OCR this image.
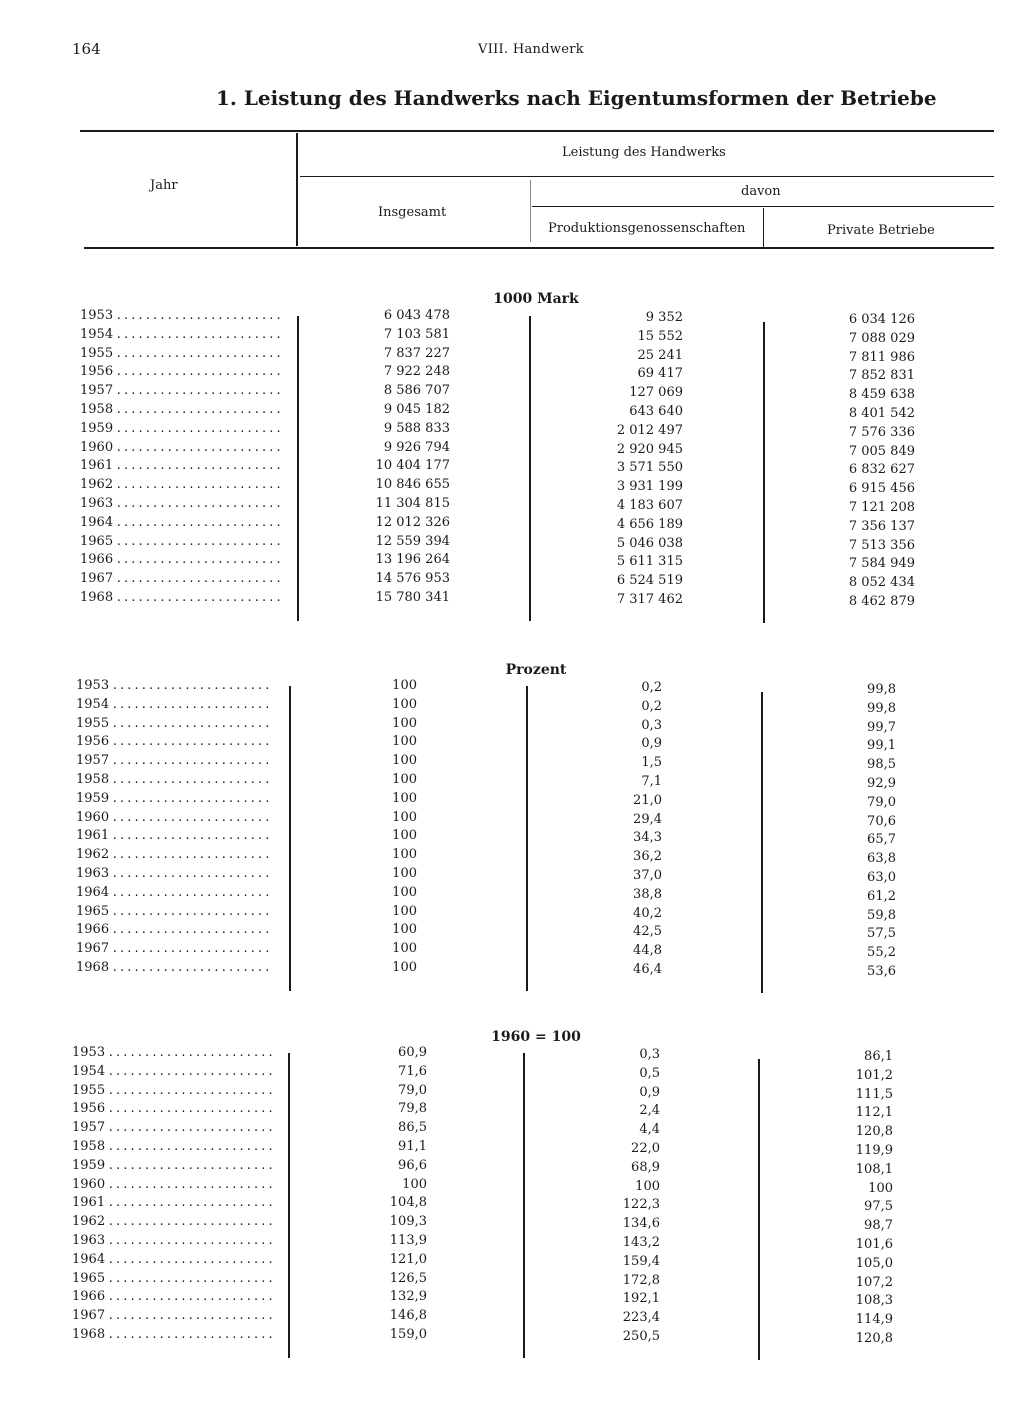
164	VIII. Handwerk
1. Leistung des Handwerks nach Eigentumsformen der Betriebe
Jahr
Leistung des Handwerks
davon
Insgesamt
Produktionsgenossenschaften	Private Betriebe
1000 Mark
1953 . . .	6 043 478	9 352	6 034 126
1954 . . .	7 103 581	15 552	7 088 029
1955 . . .	7 837 227	25 241	7 811 986
1956 . . .	7 922 248	69 417	7 852 831
1957 . . .	8 586 707	127 069	8 459 638
1958 . . .	9 045 182	643 640	8 401 542
1959 . . .	9 588 833	2 012 497	7 576 336
1960 . . .	9 926 794	2 920 945	7 005 849
1961 . . .	10 404 177	3 571 550	6 832 627
1962 . . .	10 846 655	3 931 199	6 915 456
1963 . . .	11 304 815	4 183 607	7 121 208
1964 . . .	12 012 326	4 656 189	7 356 137
1965 . . .	12 559 394	5 046 038	7 513 356
1966 . . .	13 196 264	5 611 315	7 584 949
1967 . . .	14 576 953	6 524 519	8 052 434
1968 . . .	15 780 341	7 317 462	8 462 879
Prozent
1953 . . .	100	0,2	99,8
1954 . . .	100	0,2	99,8
1955 . . .	100	0,3	99,7
1956 . . .	100	0,9	99,1
1957 . . .	100	1,5	98,5
1958 . . .	100	7,1	92,9
1959 . . .	100	21,0	79,0
1960 . . .	100	29,4	70,6
1961 . . .	100	34,3	65,7
1962 . . .	100	36,2	63,8
1963 . . .	100	37,0	63,0
1964 . . .	100	38,8	61,2
1965 . . .	100	40,2	59,8
1966 . . .	100	42,5	57,5
1967 . . .	100	44,8	55,2
1968 . . .	100	46,4	53,6
1960 = 100
1953 . . .	60,9	0,3	86,1
1954 . . .	71,6	0,5	101,2
1955 . . .	79,0	0,9	111,5
1956 . . .	79,8	2,4	112,1
1957 . . .	86,5	4,4	120,8
1958 . . .	91,1	22,0	119,9
1959 . . .	96,6	68,9	108,1
1960 . . .	100	100	100
1961 . . .	104,8	122,3	97,5
1962 . . .	109,3	134,6	98,7
1963 . . .	113,9	143,2	101,6
1964 . . .	121,0	159,4	105,0
1965 . . .	126,5	172,8	107,2
1966 . . .	132,9	192,1	108,3
1967 . . .	146,8	223,4	114,9
1968 . . .	159,0	250,5	120,8
